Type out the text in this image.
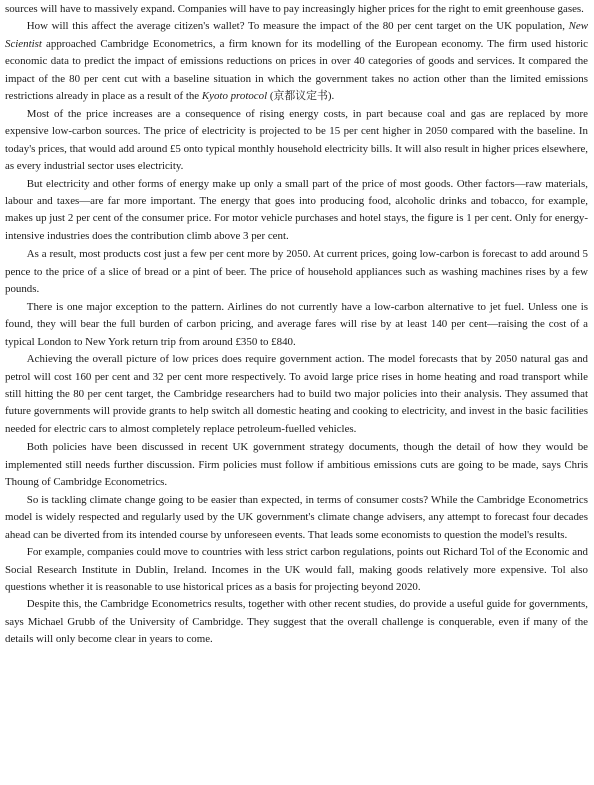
sources will have to massively expand. Companies will have to pay increasingly higher prices for the right to emit greenhouse gases.

How will this affect the average citizen's wallet? To measure the impact of the 80 per cent target on the UK population, New Scientist approached Cambridge Econometrics, a firm known for its modelling of the European economy. The firm used historic economic data to predict the impact of emissions reductions on prices in over 40 categories of goods and services. It compared the impact of the 80 per cent cut with a baseline situation in which the government takes no action other than the limited emissions restrictions already in place as a result of the Kyoto protocol (京都议定书).

Most of the price increases are a consequence of rising energy costs, in part because coal and gas are replaced by more expensive low-carbon sources. The price of electricity is projected to be 15 per cent higher in 2050 compared with the baseline. In today's prices, that would add around £5 onto typical monthly household electricity bills. It will also result in higher prices elsewhere, as every industrial sector uses electricity.

But electricity and other forms of energy make up only a small part of the price of most goods. Other factors—raw materials, labour and taxes—are far more important. The energy that goes into producing food, alcoholic drinks and tobacco, for example, makes up just 2 per cent of the consumer price. For motor vehicle purchases and hotel stays, the figure is 1 per cent. Only for energy-intensive industries does the contribution climb above 3 per cent.

As a result, most products cost just a few per cent more by 2050. At current prices, going low-carbon is forecast to add around 5 pence to the price of a slice of bread or a pint of beer. The price of household appliances such as washing machines rises by a few pounds.

There is one major exception to the pattern. Airlines do not currently have a low-carbon alternative to jet fuel. Unless one is found, they will bear the full burden of carbon pricing, and average fares will rise by at least 140 per cent—raising the cost of a typical London to New York return trip from around £350 to £840.

Achieving the overall picture of low prices does require government action. The model forecasts that by 2050 natural gas and petrol will cost 160 per cent and 32 per cent more respectively. To avoid large price rises in home heating and road transport while still hitting the 80 per cent target, the Cambridge researchers had to build two major policies into their analysis. They assumed that future governments will provide grants to help switch all domestic heating and cooking to electricity, and invest in the basic facilities needed for electric cars to almost completely replace petroleum-fuelled vehicles.

Both policies have been discussed in recent UK government strategy documents, though the detail of how they would be implemented still needs further discussion. Firm policies must follow if ambitious emissions cuts are going to be made, says Chris Thoung of Cambridge Econometrics.

So is tackling climate change going to be easier than expected, in terms of consumer costs? While the Cambridge Econometrics model is widely respected and regularly used by the UK government's climate change advisers, any attempt to forecast four decades ahead can be diverted from its intended course by unforeseen events. That leads some economists to question the model's results.

For example, companies could move to countries with less strict carbon regulations, points out Richard Tol of the Economic and Social Research Institute in Dublin, Ireland. Incomes in the UK would fall, making goods relatively more expensive. Tol also questions whether it is reasonable to use historical prices as a basis for projecting beyond 2020.

Despite this, the Cambridge Econometrics results, together with other recent studies, do provide a useful guide for governments, says Michael Grubb of the University of Cambridge. They suggest that the overall challenge is conquerable, even if many of the details will only become clear in years to come.
